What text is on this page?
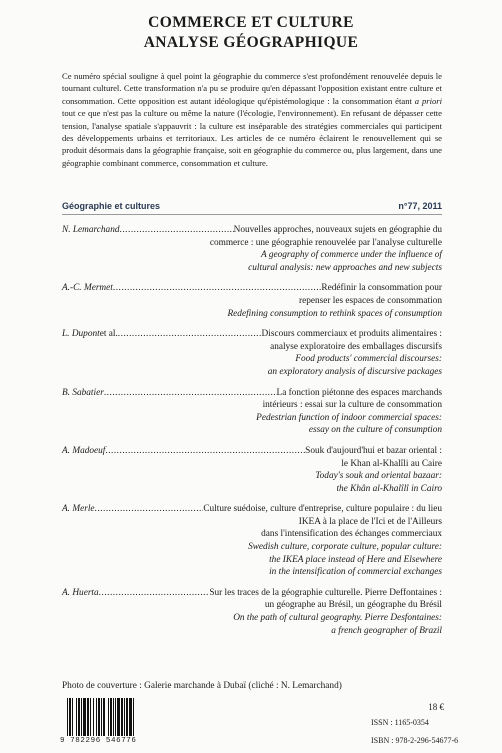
COMMERCE ET CULTURE
ANALYSE GÉOGRAPHIQUE
Ce numéro spécial souligne à quel point la géographie du commerce s'est profondément renouvelée depuis le tournant culturel. Cette transformation n'a pu se produire qu'en dépassant l'opposition existant entre culture et consommation. Cette opposition est autant idéologique qu'épistémologique : la consommation étant a priori tout ce que n'est pas la culture ou même la nature (l'écologie, l'environnement). En refusant de dépasser cette tension, l'analyse spatiale s'appauvrit : la culture est inséparable des stratégies commerciales qui participent des développements urbains et territoriaux. Les articles de ce numéro éclairent le renouvellement qui se produit désormais dans la géographie française, soit en géographie du commerce ou, plus largement, dans une géographie combinant commerce, consommation et culture.
Géographie et cultures	n°77, 2011
N. Lemarchand .....	Nouvelles approches, nouveaux sujets en géographie du
commerce : une géographie renouvelée par l'analyse culturelle
A geography of commerce under the influence of
cultural analysis: new approaches and new subjects
A.-C. Mermet .....	Redéfinir la consommation pour
repenser les espaces de consommation
Redefining consumption to rethink spaces of consumption
L. Dupont et al. .....	Discours commerciaux et produits alimentaires :
analyse exploratoire des emballages discursifs
Food products' commercial discourses:
an exploratory analysis of discursive packages
B. Sabatier .....	La fonction piétonne des espaces marchands
intérieurs : essai sur la culture de consommation
Pedestrian function of indoor commercial spaces:
essay on the culture of consumption
A. Madoeuf .....	Souk d'aujourd'hui et bazar oriental :
le Khan al-Khalîli au Caire
Today's souk and oriental bazaar:
the Khân al-Khalîlî in Cairo
A. Merle .....	Culture suédoise, culture d'entreprise, culture populaire : du lieu
IKEA à la place de l'Ici et de l'Ailleurs
dans l'intensification des échanges commerciaux
Swedish culture, corporate culture, popular culture:
the IKEA place instead of Here and Elsewhere
in the intensification of commercial exchanges
A. Huerta .....	Sur les traces de la géographie culturelle. Pierre Deffontaines :
un géographe au Brésil, un géographe du Brésil
On the path of cultural geography. Pierre Desfontaines:
a french geographer of Brazil
Photo de couverture : Galerie marchande à Dubaï (cliché : N. Lemarchand)
9 782296 546776
18 €
ISSN : 1165-0354
ISBN : 978-2-296-54677-6
